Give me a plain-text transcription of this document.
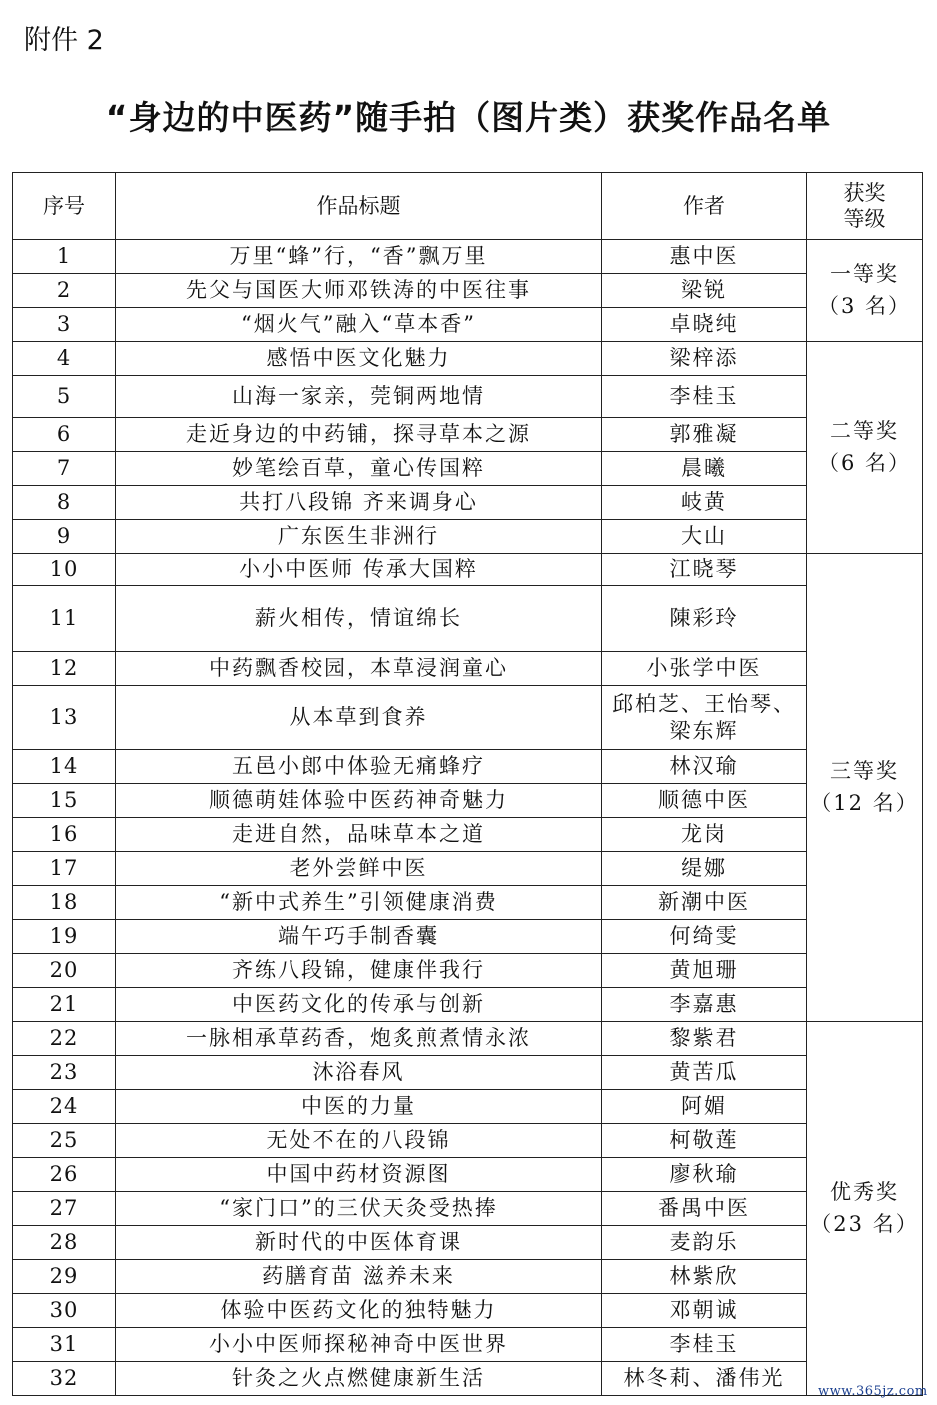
附件 2
“身边的中医药”随手拍（图片类）获奖作品名单
序号	作品标题	作者	获奖
等级
1	万里“蜂”行，“香”飘万里	惠中医	一等奖
（3 名）
2	先父与国医大师邓铁涛的中医往事	梁锐	
3	“烟火气”融入“草本香”	卓晓纯	
4	感悟中医文化魅力	梁梓添	二等奖
（6 名）
5	山海一家亲，莞铜两地情	李桂玉	
6	走近身边的中药铺，探寻草本之源	郭雅凝	
7	妙笔绘百草，童心传国粹	晨曦	
8	共打八段锦 齐来调身心	岐黄	
9	广东医生非洲行	大山	
10	小小中医师 传承大国粹	江晓琴	三等奖
（12 名）
11	薪火相传，情谊绵长	陳彩玲	
12	中药飘香校园，本草浸润童心	小张学中医	
13	从本草到食养	邱柏芝、王怡琴、梁东辉	
14	五邑小郎中体验无痛蜂疗	林汉瑜	
15	顺德萌娃体验中医药神奇魅力	顺德中医	
16	走进自然，品味草本之道	龙岗	
17	老外尝鲜中医	缇娜	
18	“新中式养生”引领健康消费	新潮中医	
19	端午巧手制香囊	何绮雯	
20	齐练八段锦，健康伴我行	黄旭珊	
21	中医药文化的传承与创新	李嘉惠	
22	一脉相承草药香，炮炙煎煮情永浓	黎紫君	优秀奖
（23 名）
23	沐浴春风	黄苦瓜	
24	中医的力量	阿媚	
25	无处不在的八段锦	柯敬莲	
26	中国中药材资源图	廖秋瑜	
27	“家门口”的三伏天灸受热捧	番禺中医	
28	新时代的中医体育课	麦韵乐	
29	药膳育苗 滋养未来	林紫欣	
30	体验中医药文化的独特魅力	邓朝诚	
31	小小中医师探秘神奇中医世界	李桂玉	
32	针灸之火点燃健康新生活	林冬莉、潘伟光	
www.365jz.com
